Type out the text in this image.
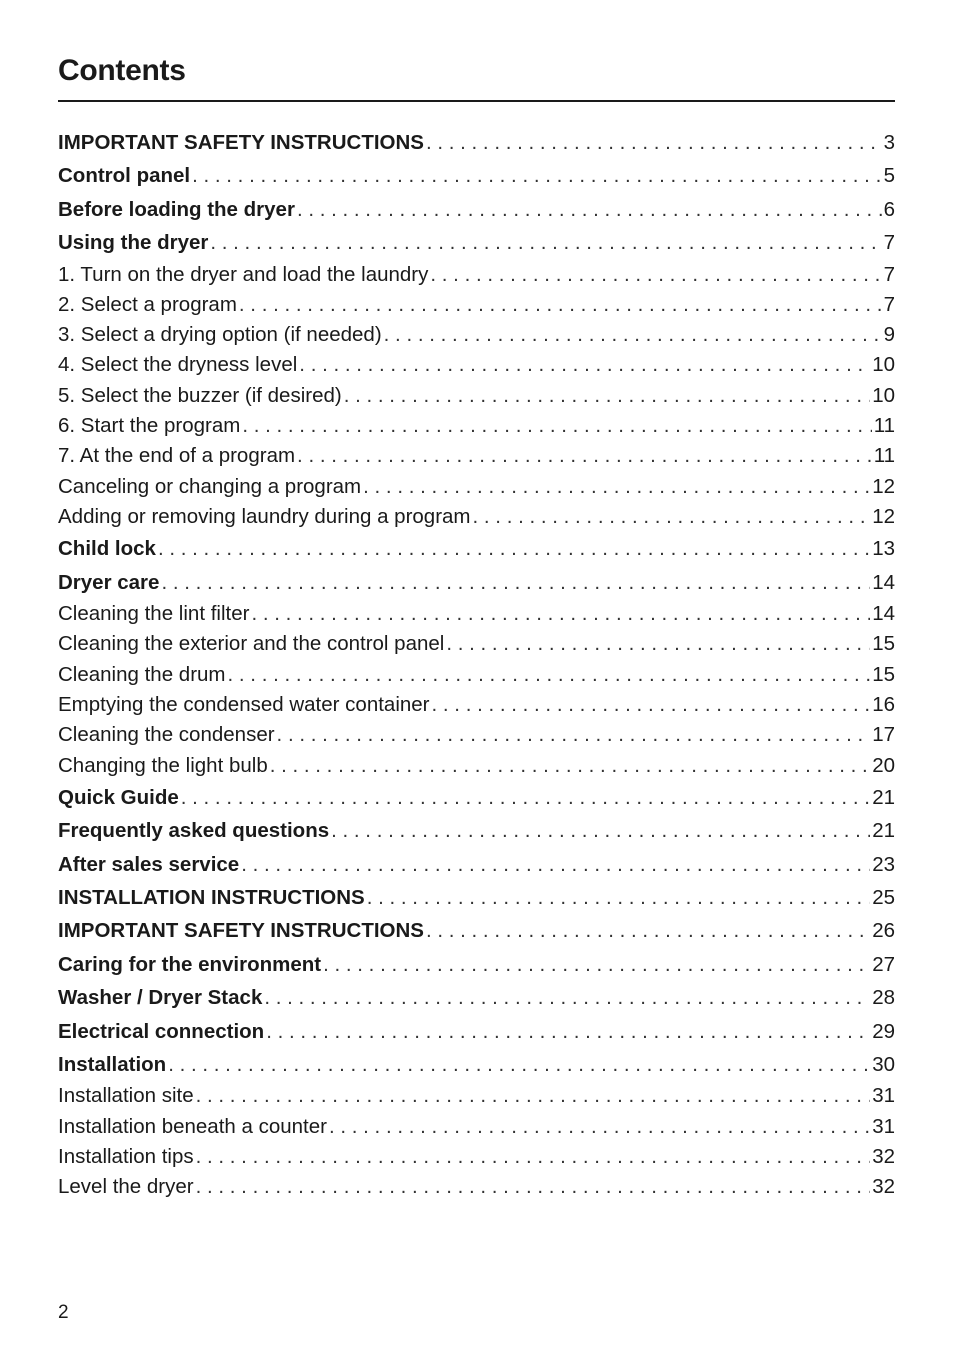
Contents
IMPORTANT SAFETY INSTRUCTIONS . . .	3
Control panel . . .	5
Before loading the dryer . . .	6
Using the dryer . . .	7
1. Turn on the dryer and load the laundry . . .	7
2. Select a program . . .	7
3. Select a drying option (if needed) . . .	9
4. Select the dryness level . . .	10
5. Select the buzzer (if desired) . . .	10
6. Start the program . . .	11
7. At the end of a program . . .	11
Canceling or changing a program . . .	12
Adding or removing laundry during a program . . .	12
Child lock . . .	13
Dryer care . . .	14
Cleaning the lint filter . . .	14
Cleaning the exterior and the control panel . . .	15
Cleaning the drum . . .	15
Emptying the condensed water container . . .	16
Cleaning the condenser . . .	17
Changing the light bulb . . .	20
Quick Guide . . .	21
Frequently asked questions . . .	21
After sales service . . .	23
INSTALLATION INSTRUCTIONS . . .	25
IMPORTANT SAFETY INSTRUCTIONS . . .	26
Caring for the environment . . .	27
Washer / Dryer Stack . . .	28
Electrical connection . . .	29
Installation . . .	30
Installation site . . .	31
Installation beneath a counter . . .	31
Installation tips . . .	32
Level the dryer . . .	32
2
